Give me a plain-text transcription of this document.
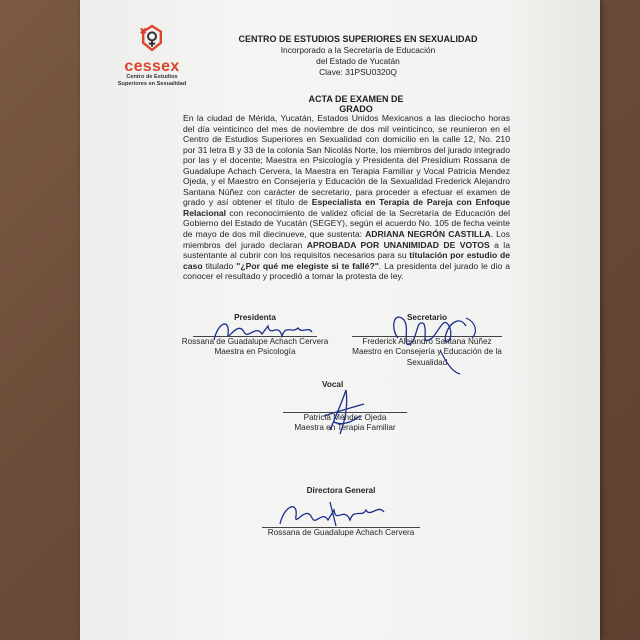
cessex
Centro de Estudios Superiores en Sexualidad
CENTRO DE ESTUDIOS SUPERIORES EN SEXUALIDAD
Incorporado a la Secretaría de Educación
del Estado de Yucatán
Clave: 31PSU0320Q
ACTA DE EXAMEN DE GRADO
En la ciudad de Mérida, Yucatán, Estados Unidos Mexicanos a las dieciocho horas del día veinticinco del mes de noviembre de dos mil veinticinco, se reunieron en el Centro de Estudios Superiores en Sexualidad con domicilio en la calle 12, No. 210 por 31 letra B y 33 de la colonia San Nicolás Norte, los miembros del jurado integrado por las y el docente; Maestra en Psicología y Presidenta del Presídium Rossana de Guadalupe Achach Cervera, la Maestra en Terapia Familiar y Vocal Patricia Mendez Ojeda, y el Maestro en Consejería y Educación de la Sexualidad Frederick Alejandro Santana Núñez con carácter de secretario, para proceder a efectuar el examen de grado y así obtener el título de Especialista en Terapia de Pareja con Enfoque Relacional con reconocimiento de validez oficial de la Secretaría de Educación del Gobierno del Estado de Yucatán (SEGEY), según el acuerdo No. 105 de fecha veinte de mayo de dos mil diecinueve, que sustenta: ADRIANA NEGRÓN CASTILLA. Los miembros del jurado declaran APROBADA POR UNANIMIDAD DE VOTOS a la sustentante al cubrir con los requisitos necesarios para su titulación por estudio de caso titulado "¿Por qué me elegiste si te fallé?". La presidenta del jurado le dio a conocer el resultado y procedió a tomar la protesta de ley.
Presidenta
Rossana de Guadalupe Achach Cervera
Maestra en Psicología
Secretario
Frederick Alejandro Santana Núñez
Maestro en Consejería y Educación de la
Sexualidad
Vocal
Patricia Méndez Ojeda
Maestra en Terapia Familiar
Directora General
Rossana de Guadalupe Achach Cervera
